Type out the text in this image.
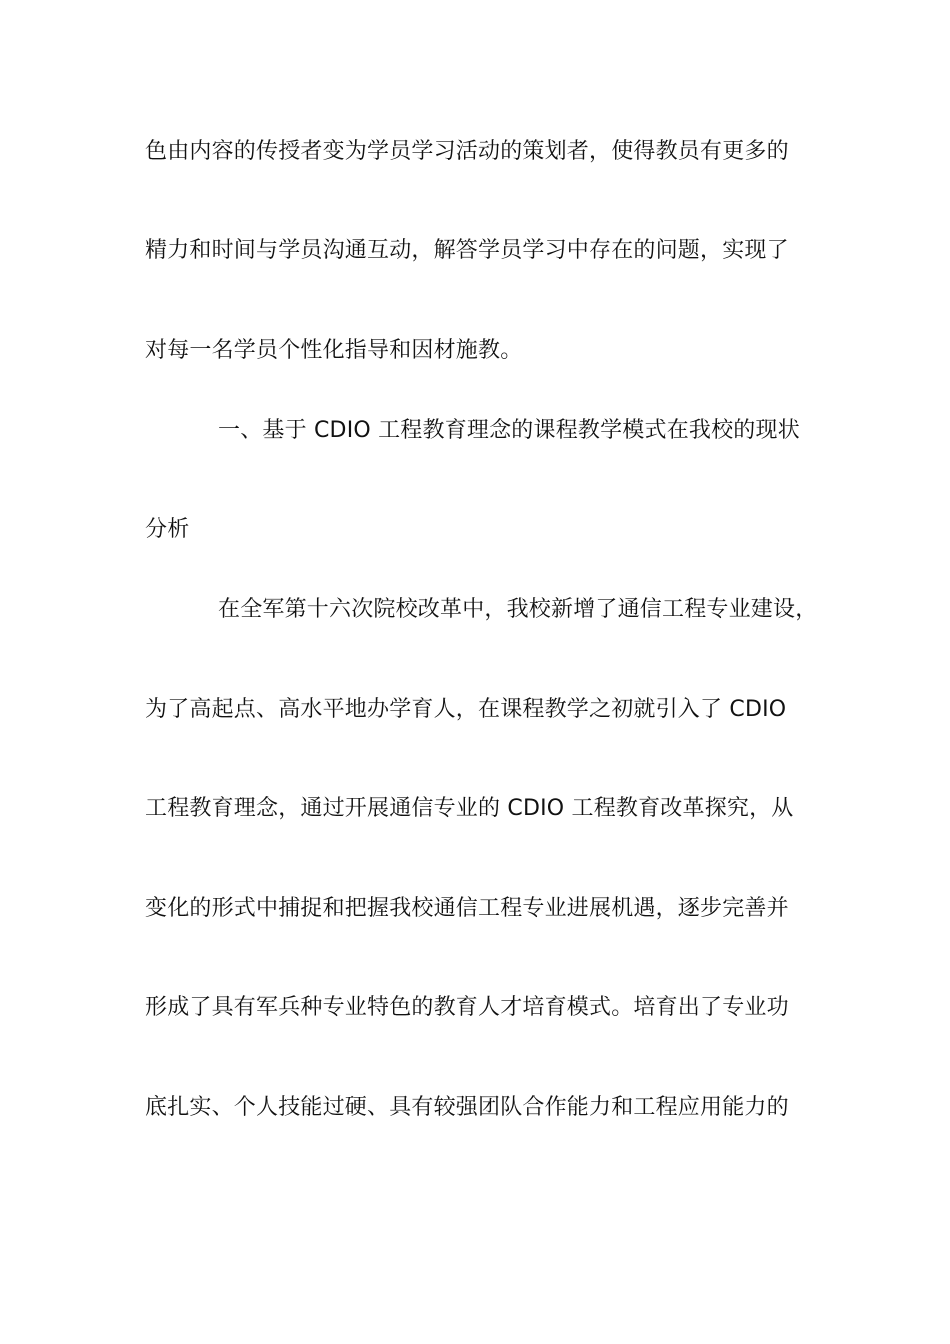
色由内容的传授者变为学员学习活动的策划者，使得教员有更多的
精力和时间与学员沟通互动，解答学员学习中存在的问题，实现了
对每一名学员个性化指导和因材施教。
一、基于 CDIO 工程教育理念的课程教学模式在我校的现状
分析
在全军第十六次院校改革中，我校新增了通信工程专业建设，
为了高起点、高水平地办学育人，在课程教学之初就引入了 CDIO
工程教育理念，通过开展通信专业的 CDIO 工程教育改革探究，从
变化的形式中捕捉和把握我校通信工程专业进展机遇，逐步完善并
形成了具有军兵种专业特色的教育人才培育模式。培育出了专业功
底扎实、个人技能过硬、具有较强团队合作能力和工程应用能力的
